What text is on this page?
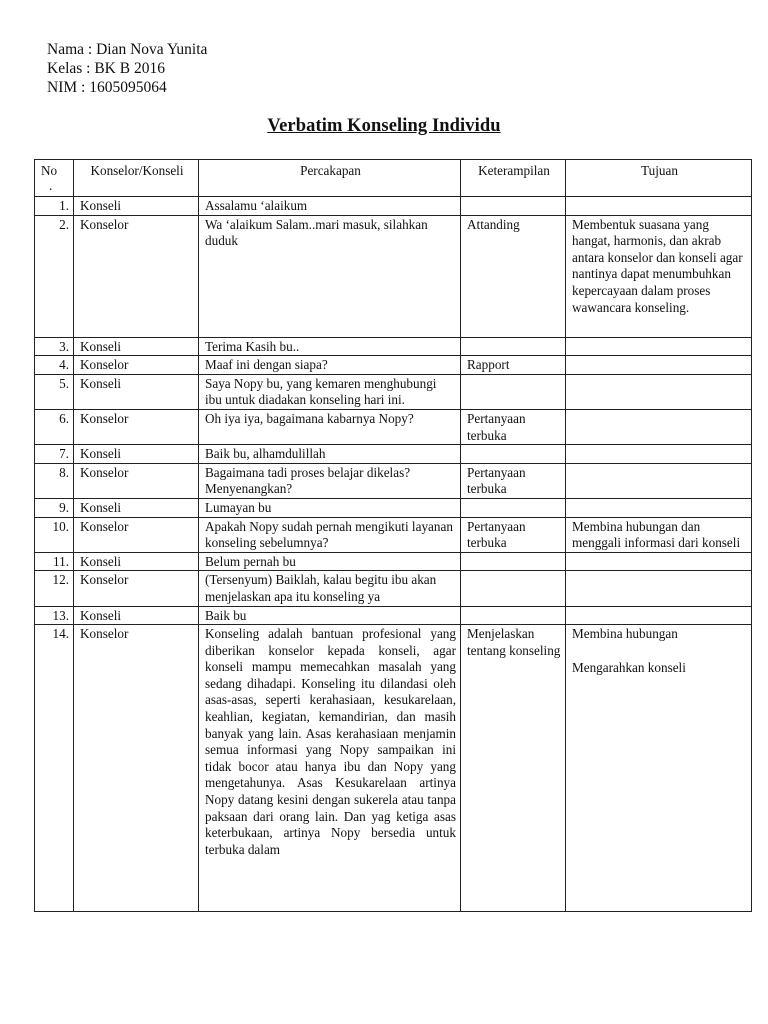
Nama : Dian Nova Yunita
Kelas : BK B 2016
NIM : 1605095064
Verbatim Konseling Individu
No
.	Konselor/Konseli	Percakapan	Keterampilan	Tujuan
1.	Konseli	Assalamu ‘alaikum		
2.	Konselor	Wa ‘alaikum Salam..mari masuk, silahkan duduk	Attanding	Membentuk suasana yang hangat, harmonis, dan akrab antara konselor dan konseli agar nantinya dapat menumbuhkan kepercayaan dalam proses wawancara konseling.
3.	Konseli	Terima Kasih bu..		
4.	Konselor	Maaf ini dengan siapa?	Rapport	
5.	Konseli	Saya Nopy bu, yang kemaren menghubungi ibu untuk diadakan konseling hari ini.		
6.	Konselor	Oh iya iya, bagaimana kabarnya Nopy?	Pertanyaan terbuka	
7.	Konseli	Baik bu, alhamdulillah		
8.	Konselor	Bagaimana tadi proses belajar dikelas? Menyenangkan?	Pertanyaan terbuka	
9.	Konseli	Lumayan bu		
10.	Konselor	Apakah Nopy sudah pernah mengikuti layanan konseling sebelumnya?	Pertanyaan terbuka	Membina hubungan dan menggali informasi dari konseli
11.	Konseli	Belum pernah bu		
12.	Konselor	(Tersenyum) Baiklah, kalau begitu ibu akan menjelaskan apa itu konseling ya		
13.	Konseli	Baik bu		
14.	Konselor	Konseling adalah bantuan profesional yang diberikan konselor kepada konseli, agar konseli mampu memecahkan masalah yang sedang dihadapi. Konseling itu dilandasi oleh asas-asas, seperti kerahasiaan, kesukarelaan, keahlian, kegiatan, kemandirian, dan masih banyak yang lain. Asas kerahasiaan menjamin semua informasi yang Nopy sampaikan ini tidak bocor atau hanya ibu dan Nopy yang mengetahunya. Asas Kesukarelaan artinya Nopy datang kesini dengan sukerela atau tanpa paksaan dari orang lain. Dan yag ketiga asas keterbukaan, artinya Nopy bersedia untuk terbuka dalam	Menjelaskan tentang konseling	Membina hubungan
Mengarahkan konseli
